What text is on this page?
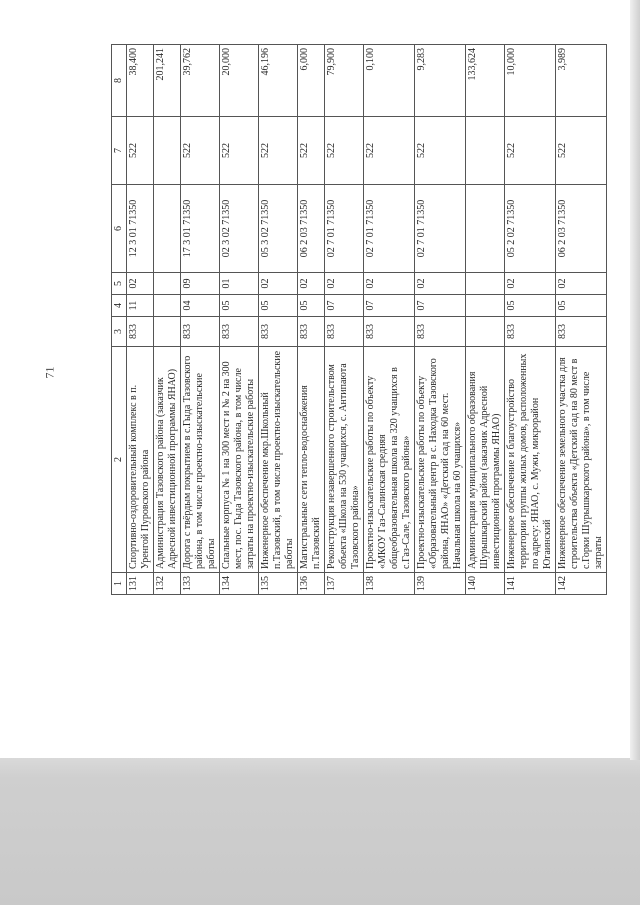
71
1	2	3	4	5	6	7	8
131	Спортивно-оздоровительный комплекс в п. Уренгой Пуровского района	833	11	02	12 3 01 71350	522	38,400
132	Администрация Тазовского района (заказчик Адресной инвестиционной программы ЯНАО)						201,241
133	Дорога с твёрдым покрытием в с.Гыда Тазовского района, в том числе проектно-изыскательские работы	833	04	09	17 3 01 71350	522	39,762
134	Спальные корпуса № 1 на 300 мест и № 2 на 300 мест, пос. Гыда Тазовского района, в том числе затраты на проектно-изыскательские работы	833	05	01	02 3 02 71350	522	20,000
135	Инженерное обеспечение мкр.Школьный п.Тазовский, в том числе проектно-изыскательские работы	833	05	02	05 3 02 71350	522	46,196
136	Магистральные сети тепло-водоснабжения п.Тазовский	833	05	02	06 2 03 71350	522	6,000
137	Реконструкция незавершенного строительством объекта «Школа на 530 учащихся, с. Антипаюта Тазовского района»	833	07	02	02 7 01 71350	522	79,900
138	Проектно-изыскательские работы по объекту «МКОУ Газ-Салинская средняя общеобразовательная школа на 320 учащихся в с.Газ-Сале, Тазовского района»	833	07	02	02 7 01 71350	522	0,100
139	Проектно-изыскательские работы по объекту «Образовательный центр в с. Находка Тазовского района, ЯНАО» «Детский сад на 60 мест. Начальная школа на 60 учащихся»	833	07	02	02 7 01 71350	522	9,283
140	Администрация муниципального образования Шурышкарский район (заказчик Адресной инвестиционной программы ЯНАО)						133,624
141	Инженерное обеспечение и благоустройство территории группы жилых домов, расположенных по адресу: ЯНАО, с. Мужи, микрорайон Югаинский	833	05	02	05 2 02 71350	522	10,000
142	Инженерное обеспечение земельного участка для строительства объекта «Детский сад на 80 мест в с.Горки Шурышкарского района», в том числе затраты	833	05	02	06 2 03 71350	522	3,989
